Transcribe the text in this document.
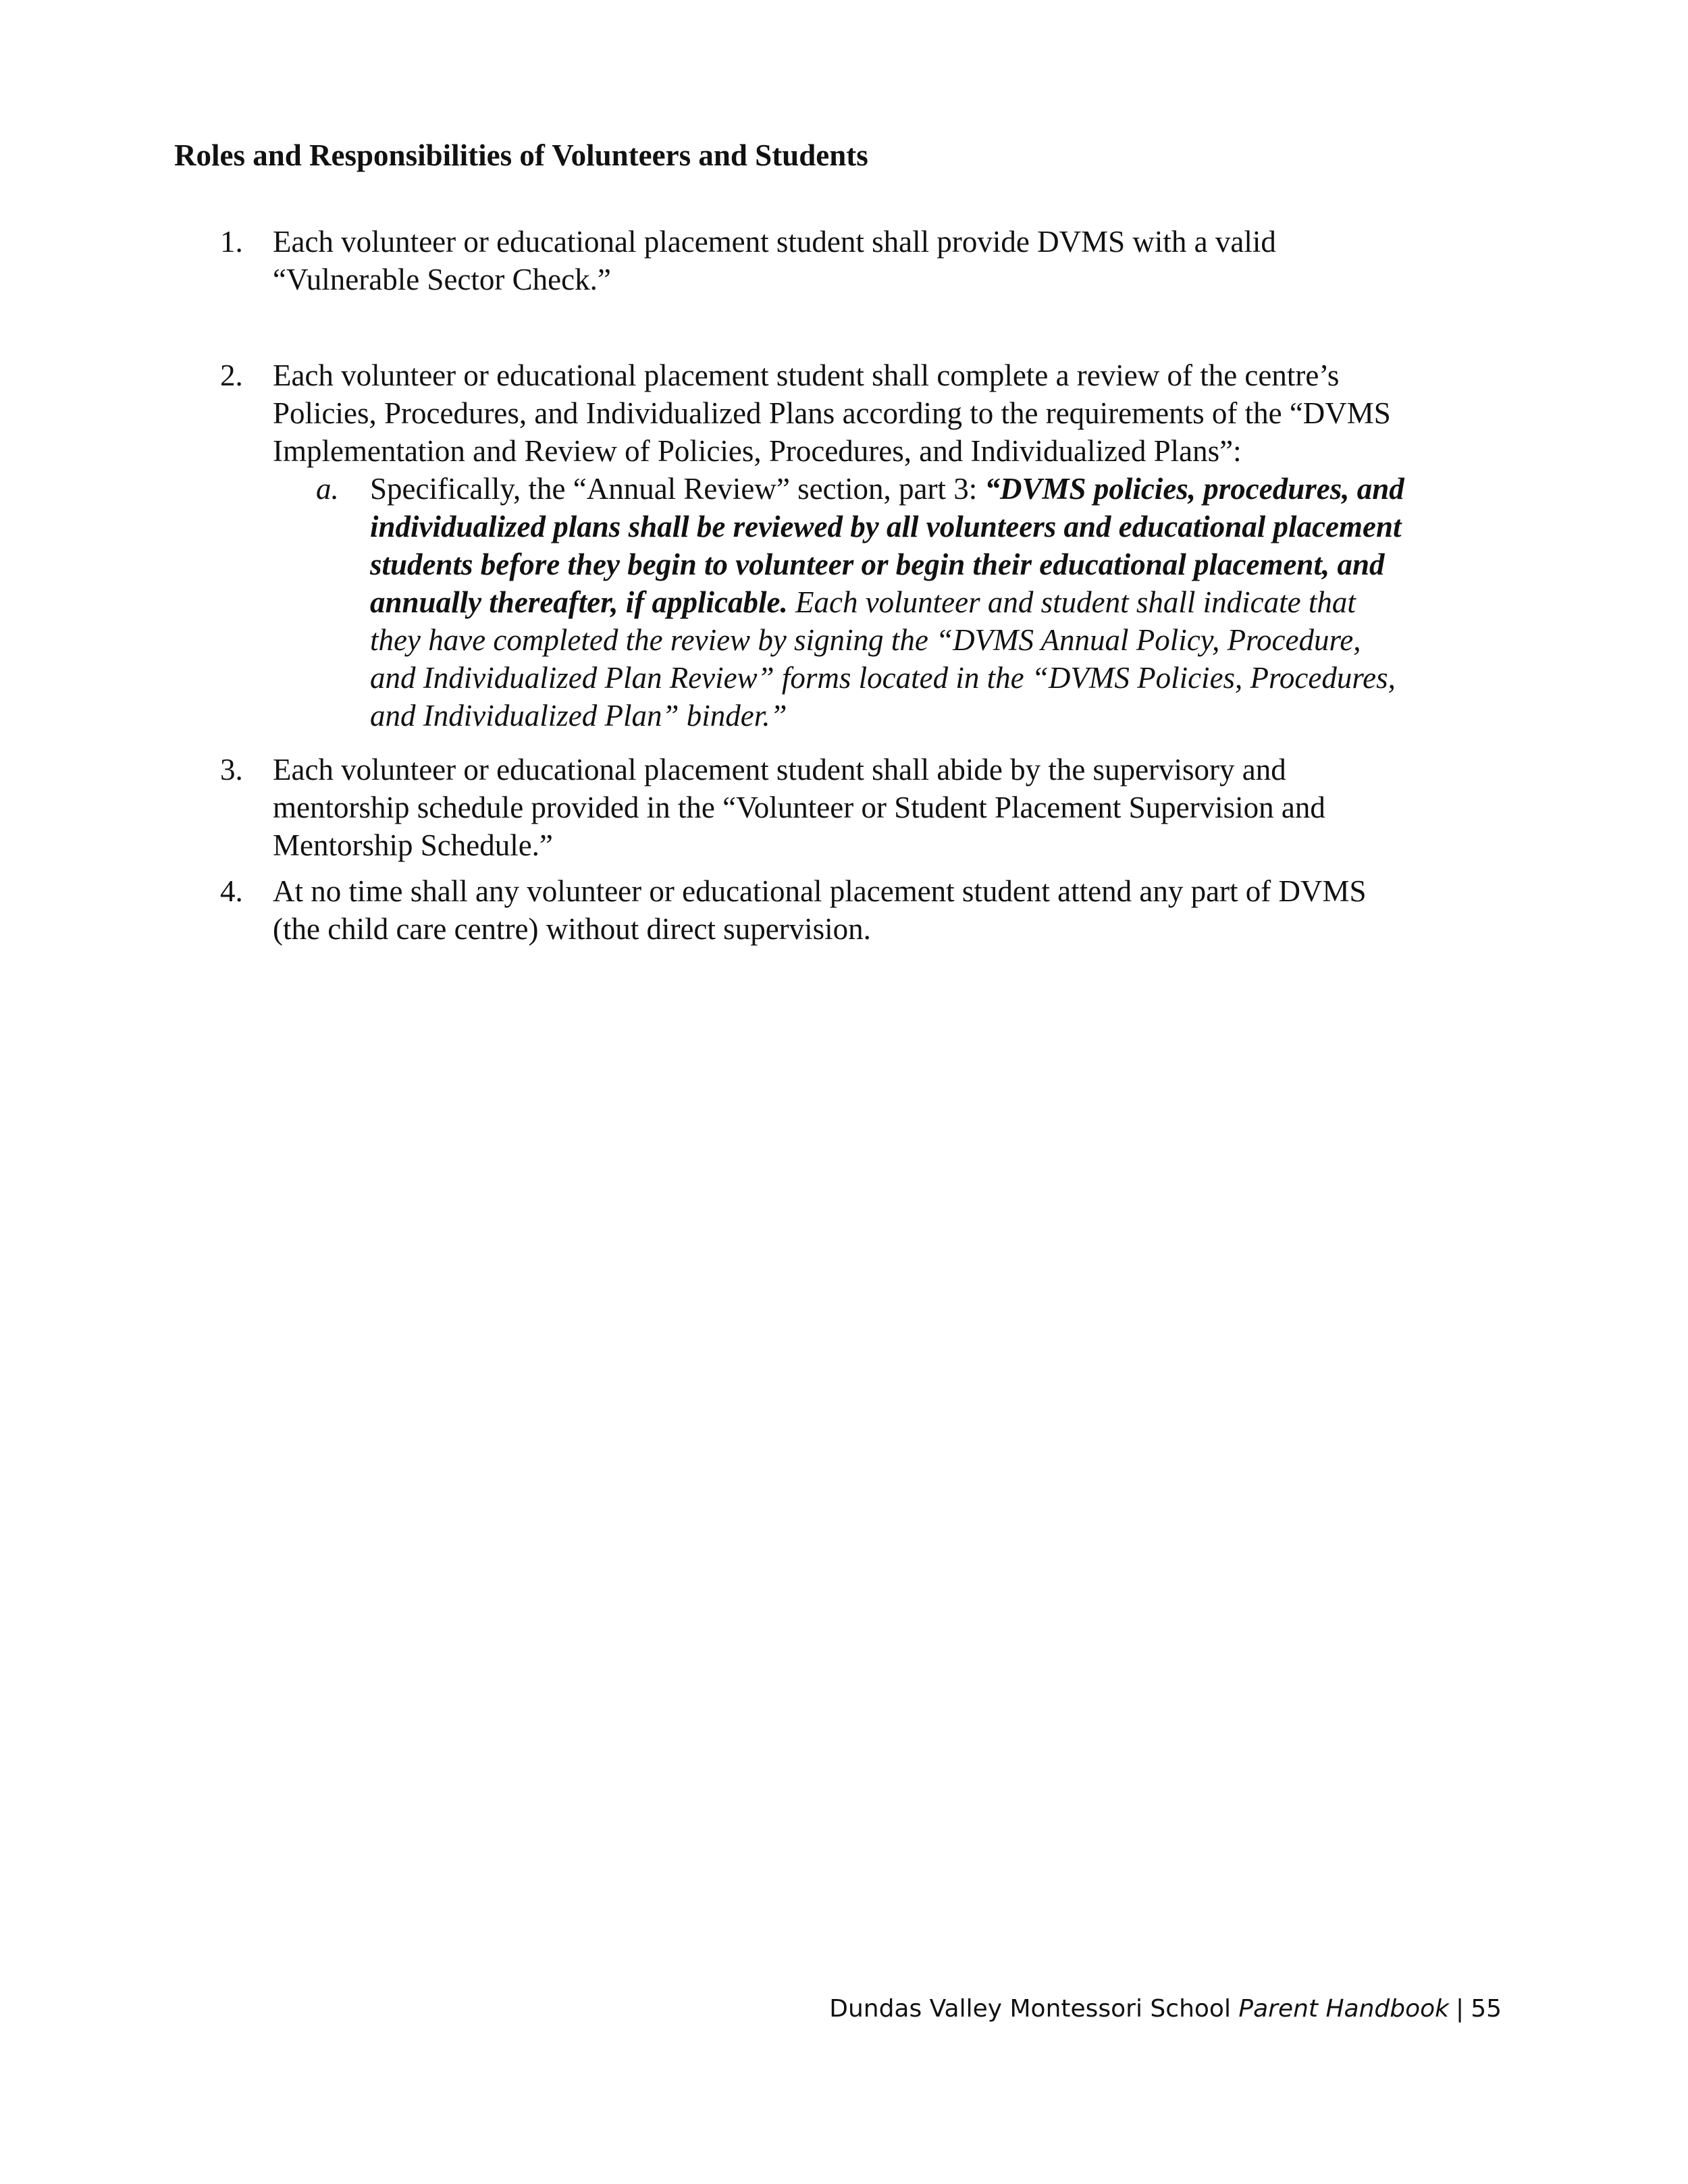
Roles and Responsibilities of Volunteers and Students
1. Each volunteer or educational placement student shall provide DVMS with a valid
“Vulnerable Sector Check.”
2. Each volunteer or educational placement student shall complete a review of the centre’s
Policies, Procedures, and Individualized Plans according to the requirements of the “DVMS
Implementation and Review of Policies, Procedures, and Individualized Plans”:
a. Specifically, the “Annual Review” section, part 3: “DVMS policies, procedures, and
individualized plans shall be reviewed by all volunteers and educational placement
students before they begin to volunteer or begin their educational placement, and
annually thereafter, if applicable. Each volunteer and student shall indicate that
they have completed the review by signing the “DVMS Annual Policy, Procedure,
and Individualized Plan Review” forms located in the “DVMS Policies, Procedures,
and Individualized Plan” binder.”
3. Each volunteer or educational placement student shall abide by the supervisory and
mentorship schedule provided in the “Volunteer or Student Placement Supervision and
Mentorship Schedule.”
4. At no time shall any volunteer or educational placement student attend any part of DVMS
(the child care centre) without direct supervision.
Dundas Valley Montessori School Parent Handbook | 55
